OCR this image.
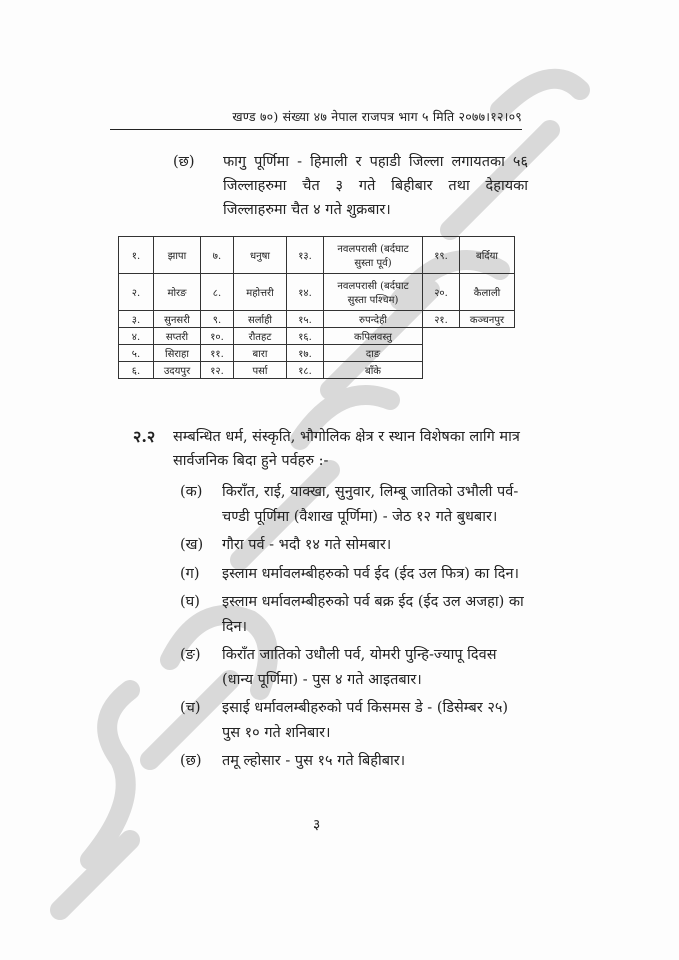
खण्ड ७०) संख्या ४७ नेपाल राजपत्र भाग ५ मिति २०७७।१२।०९
(छ) फागु पूर्णिमा - हिमाली र पहाडी जिल्ला लगायतका ५६ जिल्लाहरुमा चैत ३ गते बिहीबार तथा देहायका जिल्लाहरुमा चैत ४ गते शुक्रबार।
१.	झापा	७.	धनुषा	१३.	नवलपरासी (बर्दघाट सुस्ता पूर्व)	१९.	बर्दिया
२.	मोरङ	८.	महोत्तरी	१४.	नवलपरासी (बर्दघाट सुस्ता पश्चिम)	२०.	कैलाली
३.	सुनसरी	९.	सर्लाही	१५.	रुपन्देही	२१.	कञ्चनपुर
४.	सप्तरी	१०.	रौतहट	१६.	कपिलवस्तु		
५.	सिराहा	११.	बारा	१७.	दाङ		
६.	उदयपुर	१२.	पर्सा	१८.	बाँके		
२.२ सम्बन्धित धर्म, संस्कृति, भौगोलिक क्षेत्र र स्थान विशेषका लागि मात्र सार्वजनिक बिदा हुने पर्वहरु :-
(क) किराँत, राई, याक्खा, सुनुवार, लिम्बू जातिको उभौली पर्व-चण्डी पूर्णिमा (वैशाख पूर्णिमा) - जेठ १२ गते बुधबार।
(ख) गौरा पर्व - भदौ १४ गते सोमबार।
(ग) इस्लाम धर्मावलम्बीहरुको पर्व ईद (ईद उल फित्र) का दिन।
(घ) इस्लाम धर्मावलम्बीहरुको पर्व बक्र ईद (ईद उल अजहा) का दिन।
(ङ) किराँत जातिको उधौली पर्व, योमरी पुन्हि-ज्यापू दिवस (धान्य पूर्णिमा) - पुस ४ गते आइतबार।
(च) इसाई धर्मावलम्बीहरुको पर्व किसमस डे - (डिसेम्बर २५) पुस १० गते शनिबार।
(छ) तमू ल्होसार - पुस १५ गते बिहीबार।
३
